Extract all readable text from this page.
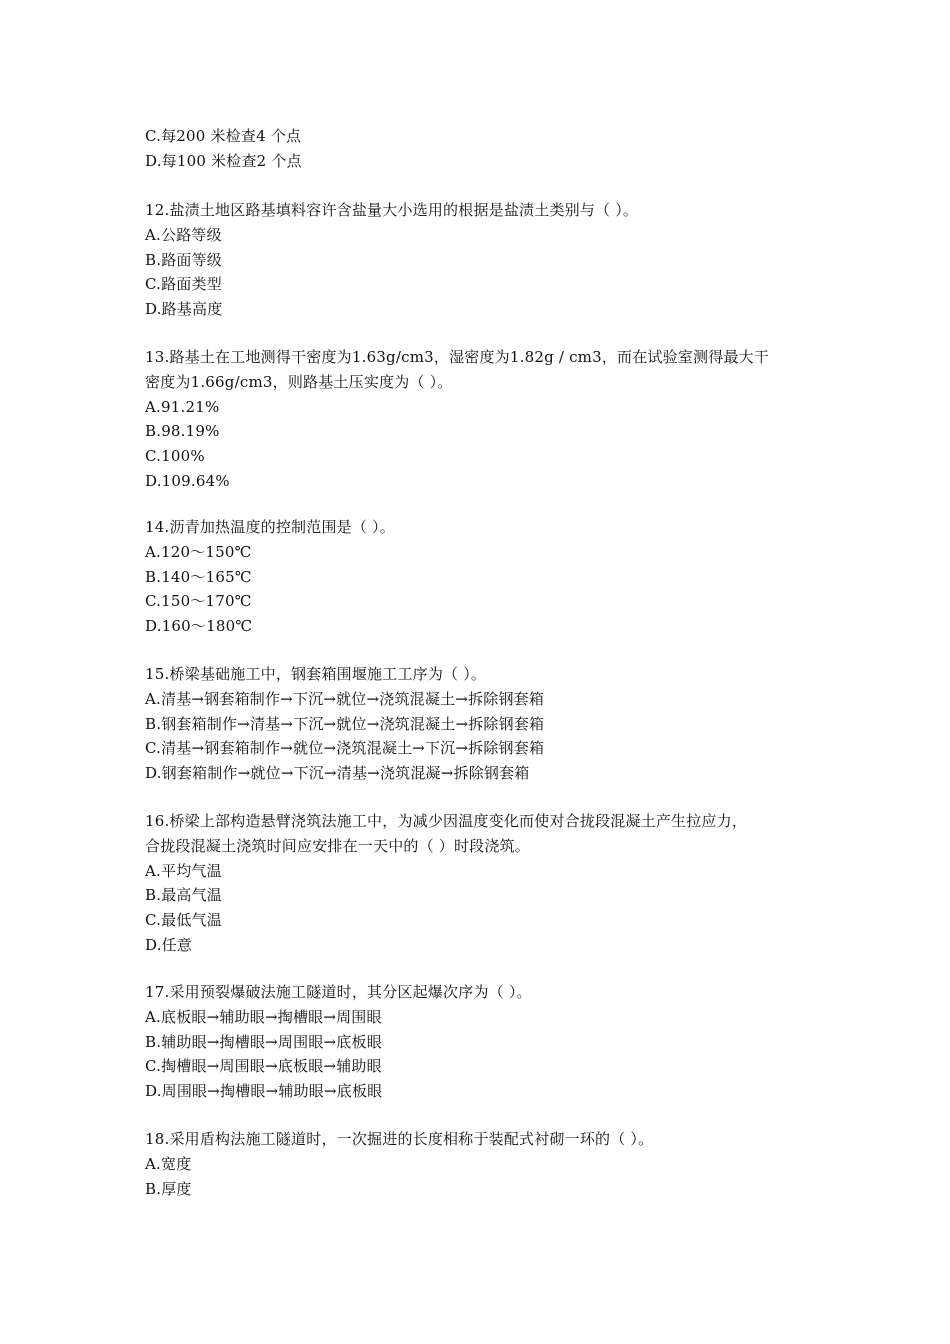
C.每200 米检查4 个点
D.每100 米检查2 个点
12.盐渍土地区路基填料容许含盐量大小选用的根据是盐渍土类别与（ ）。
A.公路等级
B.路面等级
C.路面类型
D.路基高度
13.路基土在工地测得干密度为1.63g/cm3，湿密度为1.82g / cm3，而在试验室测得最大干
密度为1.66g/cm3，则路基土压实度为（ ）。
A.91.21%
B.98.19%
C.100%
D.109.64%
14.沥青加热温度的控制范围是（ ）。
A.120～150℃
B.140～165℃
C.150～170℃
D.160～180℃
15.桥梁基础施工中，钢套箱围堰施工工序为（ ）。
A.清基→钢套箱制作→下沉→就位→浇筑混凝土→拆除钢套箱
B.钢套箱制作→清基→下沉→就位→浇筑混凝土→拆除钢套箱
C.清基→钢套箱制作→就位→浇筑混凝土→下沉→拆除钢套箱
D.钢套箱制作→就位→下沉→清基→浇筑混凝→拆除钢套箱
16.桥梁上部构造悬臂浇筑法施工中，为减少因温度变化而使对合拢段混凝土产生拉应力，
合拢段混凝土浇筑时间应安排在一天中的（ ）时段浇筑。
A.平均气温
B.最高气温
C.最低气温
D.任意
17.采用预裂爆破法施工隧道时，其分区起爆次序为（ ）。
A.底板眼→辅助眼→掏槽眼→周围眼
B.辅助眼→掏槽眼→周围眼→底板眼
C.掏槽眼→周围眼→底板眼→辅助眼
D.周围眼→掏槽眼→辅助眼→底板眼
18.采用盾构法施工隧道时，一次掘进的长度相称于装配式衬砌一环的（ ）。
A.宽度
B.厚度
